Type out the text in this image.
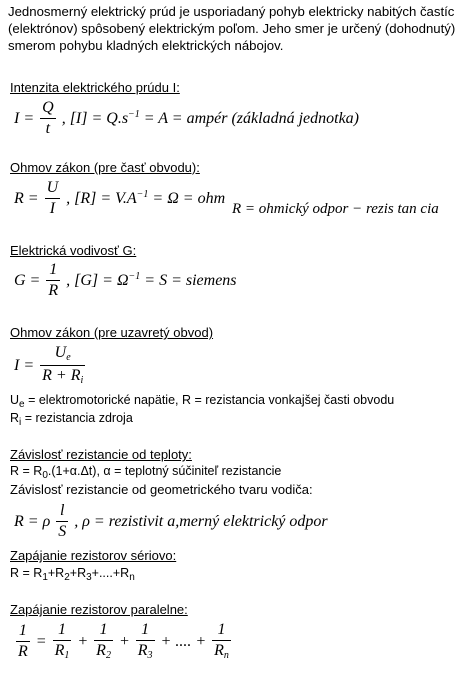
Jednosmerný elektrický prúd je usporiadaný pohyb elektricky nabitých častíc (elektrónov) spôsobený elektrickým poľom. Jeho smer je určený (dohodnutý) smerom pohybu kladných elektrických nábojov.
Intenzita elektrického prúdu I:
$I = \frac{Q}{t}$ , $[I] = Q.s^{-1} = A$ = ampér (základná jednotka)
Ohmov zákon (pre časť obvodu):
$R = \frac{U}{I}$ , $[R] = V.A^{-1} = \Omega$ = ohm
R = ohmický odpor − rezis tan cia
Elektrická vodivosť G:
$G = \frac{1}{R}$ , $[G] = \Omega^{-1} = S$ = siemens
Ohmov zákon (pre uzavretý obvod)
$I = \frac{U_e}{R + R_i}$
$U_e$ = elektromotorické napätie, R = rezistancia vonkajšej časti obvodu
$R_i$ = rezistancia zdroja
Závislosť rezistancie od teploty:
$R = R_0.(1+\alpha.\Delta t)$, α = teplotný súčiniteľ rezistancie
Závislosť rezistancie od geometrického tvaru vodiča:
R = ρ $\frac{l}{S}$ , ρ = rezistivit a,merný elektrický odpor
Zapájanie rezistorov sériovo:
$R = R_1+R_2+R_3+....+R_n$
Zapájanie rezistorov paralelne:
$\frac{1}{R} = \frac{1}{R_1} + \frac{1}{R_2} + \frac{1}{R_3}$ + .... + $\frac{1}{R_n}$
